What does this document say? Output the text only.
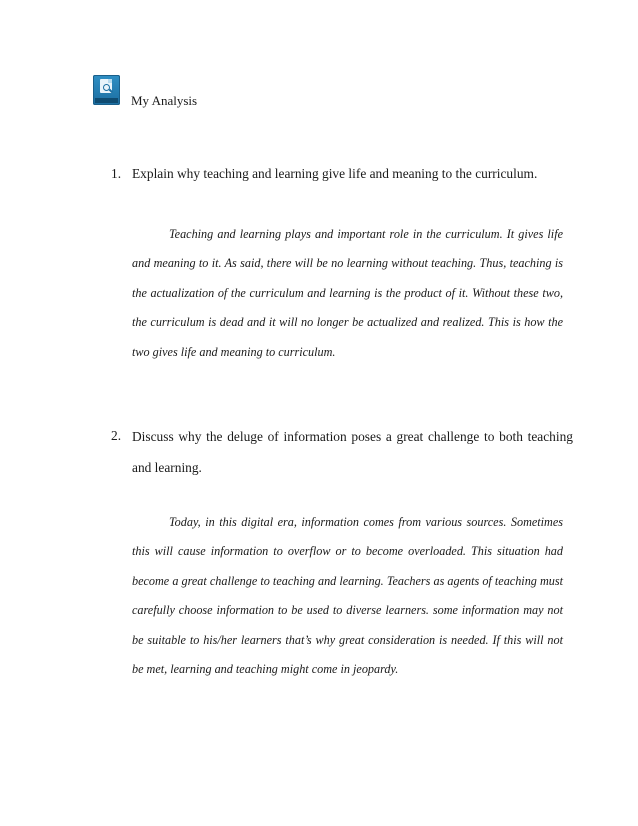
My Analysis
1. Explain why teaching and learning give life and meaning to the curriculum.
Teaching and learning plays and important role in the curriculum. It gives life and meaning to it. As said, there will be no learning without teaching. Thus, teaching is the actualization of the curriculum and learning is the product of it. Without these two, the curriculum is dead and it will no longer be actualized and realized. This is how the two gives life and meaning to curriculum.
2. Discuss why the deluge of information poses a great challenge to both teaching and learning.
Today, in this digital era, information comes from various sources. Sometimes this will cause information to overflow or to become overloaded. This situation had become a great challenge to teaching and learning. Teachers as agents of teaching must carefully choose information to be used to diverse learners. some information may not be suitable to his/her learners that’s why great consideration is needed. If this will not be met, learning and teaching might come in jeopardy.
